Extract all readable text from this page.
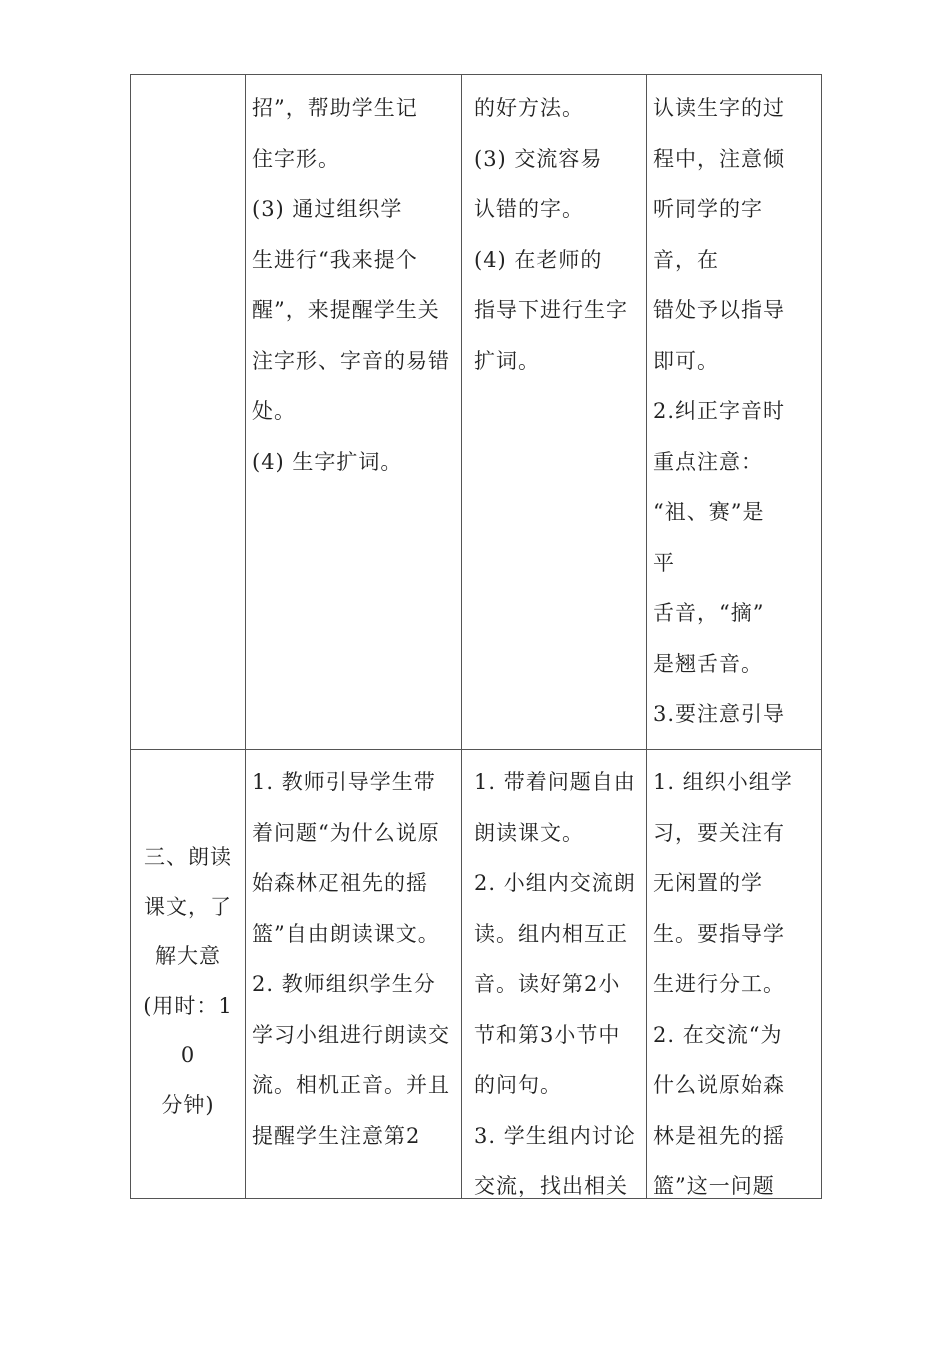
招”，帮助学生记

住字形。

(3) 通过组织学

生进行“我来提个

醒”，来提醒学生关

注字形、字音的易错

处。

(4) 生字扩词。

的好方法。

(3) 交流容易

认错的字。

(4) 在老师的

指导下进行生字

扩词。

认读生字的过

程中，注意倾

听同学的字

音，在

错处予以指导

即可。

2.纠正字音时

重点注意：

“祖、赛”是

平

舌音，“摘”

是翘舌音。

3.要注意引导

三、朗读

课文，了

解大意

(用时：1

0

分钟)

1. 教师引导学生带

着问题“为什么说原

始森林疋祖先的摇

篮”自由朗读课文。

2. 教师组织学生分

学习小组进行朗读交

流。相机正音。并且

提醒学生注意第2

1. 带着问题自由

朗读课文。

2. 小组内交流朗

读。组内相互正

音。读好第2小

节和第3小节中

的问句。

3. 学生组内讨论

交流，找出相关

1. 组织小组学

习，要关注有

无闲置的学

生。要指导学

生进行分工。

2. 在交流“为

什么说原始森

林是祖先的摇

篮”这一问题
